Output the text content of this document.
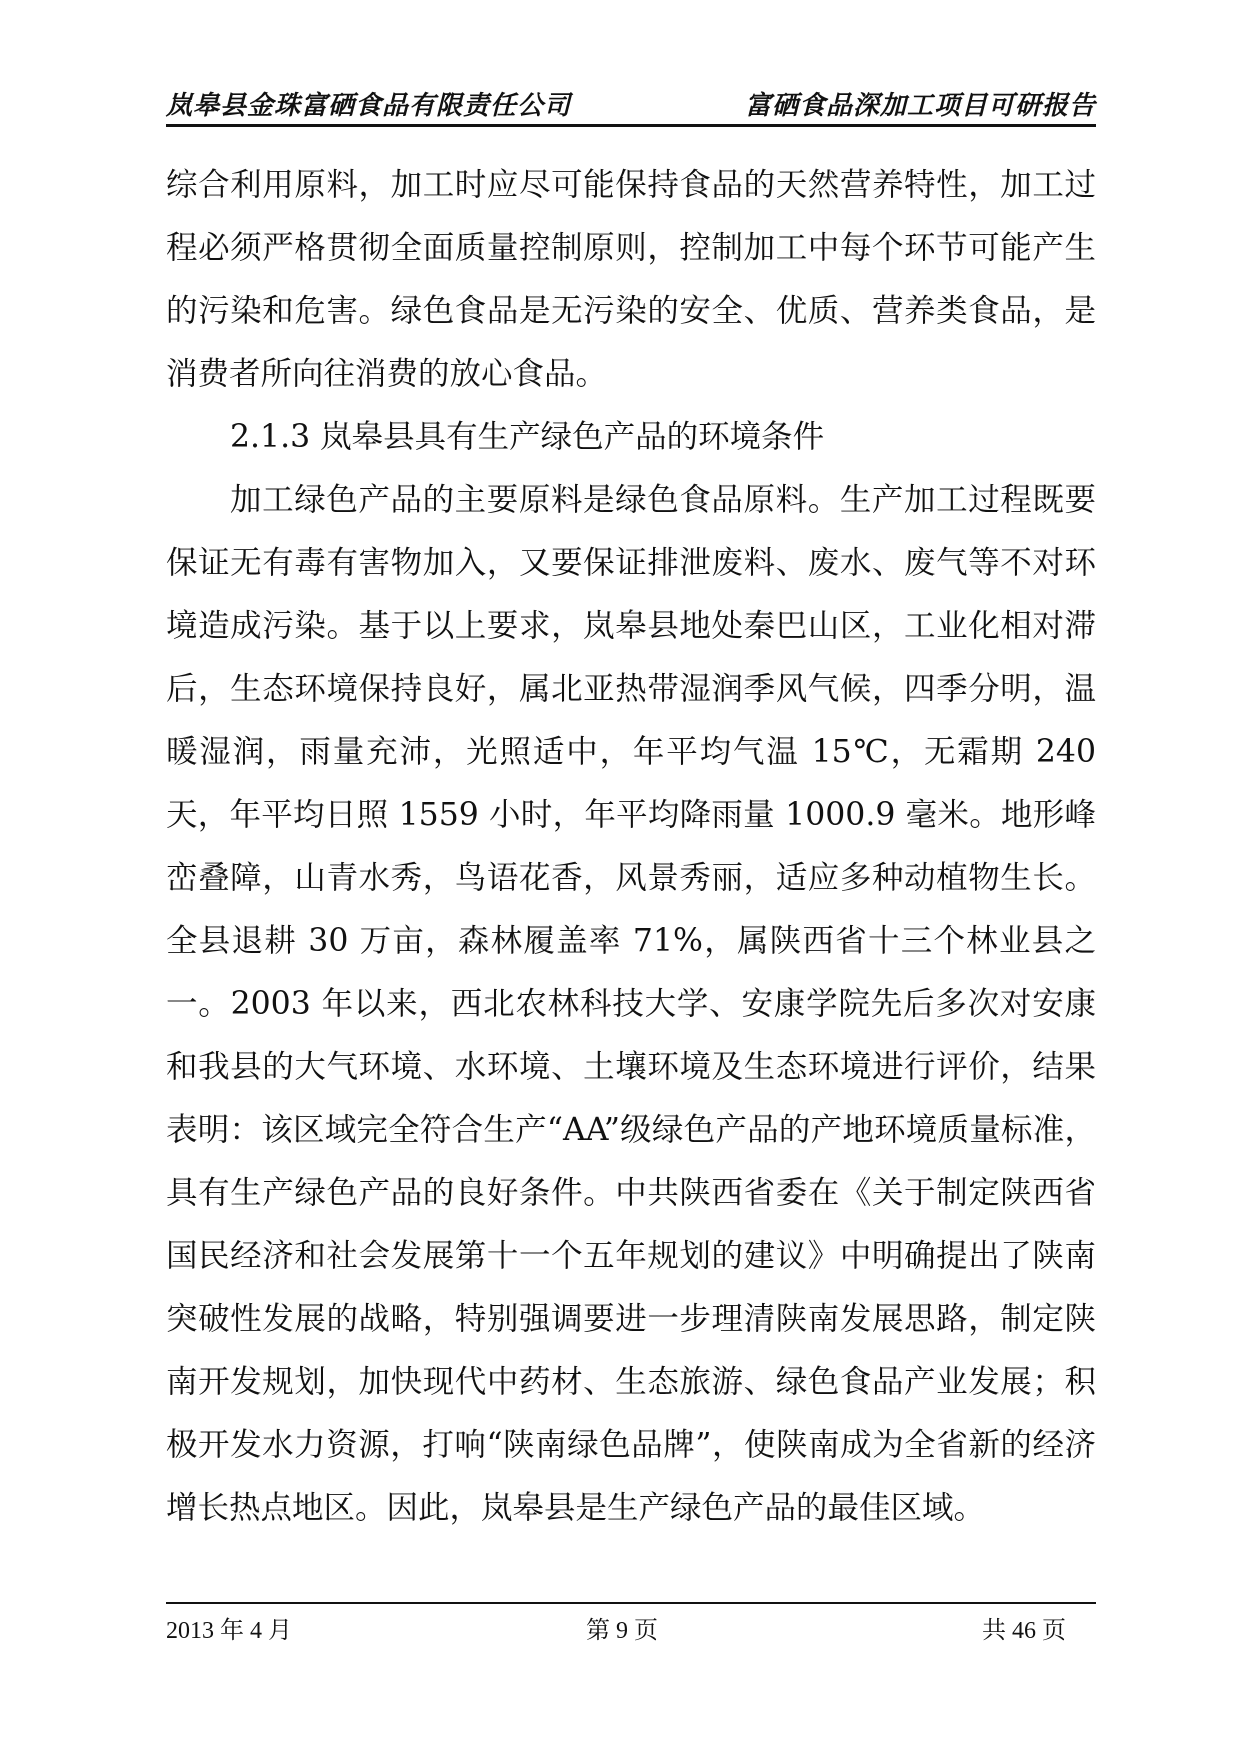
岚皋县金珠富硒食品有限责任公司	富硒食品深加工项目可研报告

综合利用原料，加工时应尽可能保持食品的天然营养特性，加工过程必须严格贯彻全面质量控制原则，控制加工中每个环节可能产生的污染和危害。绿色食品是无污染的安全、优质、营养类食品，是消费者所向往消费的放心食品。

2.1.3 岚皋县具有生产绿色产品的环境条件

加工绿色产品的主要原料是绿色食品原料。生产加工过程既要保证无有毒有害物加入，又要保证排泄废料、废水、废气等不对环境造成污染。基于以上要求，岚皋县地处秦巴山区，工业化相对滞后，生态环境保持良好，属北亚热带湿润季风气候，四季分明，温暖湿润，雨量充沛，光照适中，年平均气温 15℃，无霜期 240 天，年平均日照 1559 小时，年平均降雨量 1000.9 毫米。地形峰峦叠障，山青水秀，鸟语花香，风景秀丽，适应多种动植物生长。全县退耕 30 万亩，森林履盖率 71%，属陕西省十三个林业县之一。2003 年以来，西北农林科技大学、安康学院先后多次对安康和我县的大气环境、水环境、土壤环境及生态环境进行评价，结果表明：该区域完全符合生产“AA”级绿色产品的产地环境质量标准，具有生产绿色产品的良好条件。中共陕西省委在《关于制定陕西省国民经济和社会发展第十一个五年规划的建议》中明确提出了陕南突破性发展的战略，特别强调要进一步理清陕南发展思路，制定陕南开发规划，加快现代中药材、生态旅游、绿色食品产业发展；积极开发水力资源，打响“陕南绿色品牌”，使陕南成为全省新的经济增长热点地区。因此，岚皋县是生产绿色产品的最佳区域。

2013 年 4 月	第 9 页	共 46 页
